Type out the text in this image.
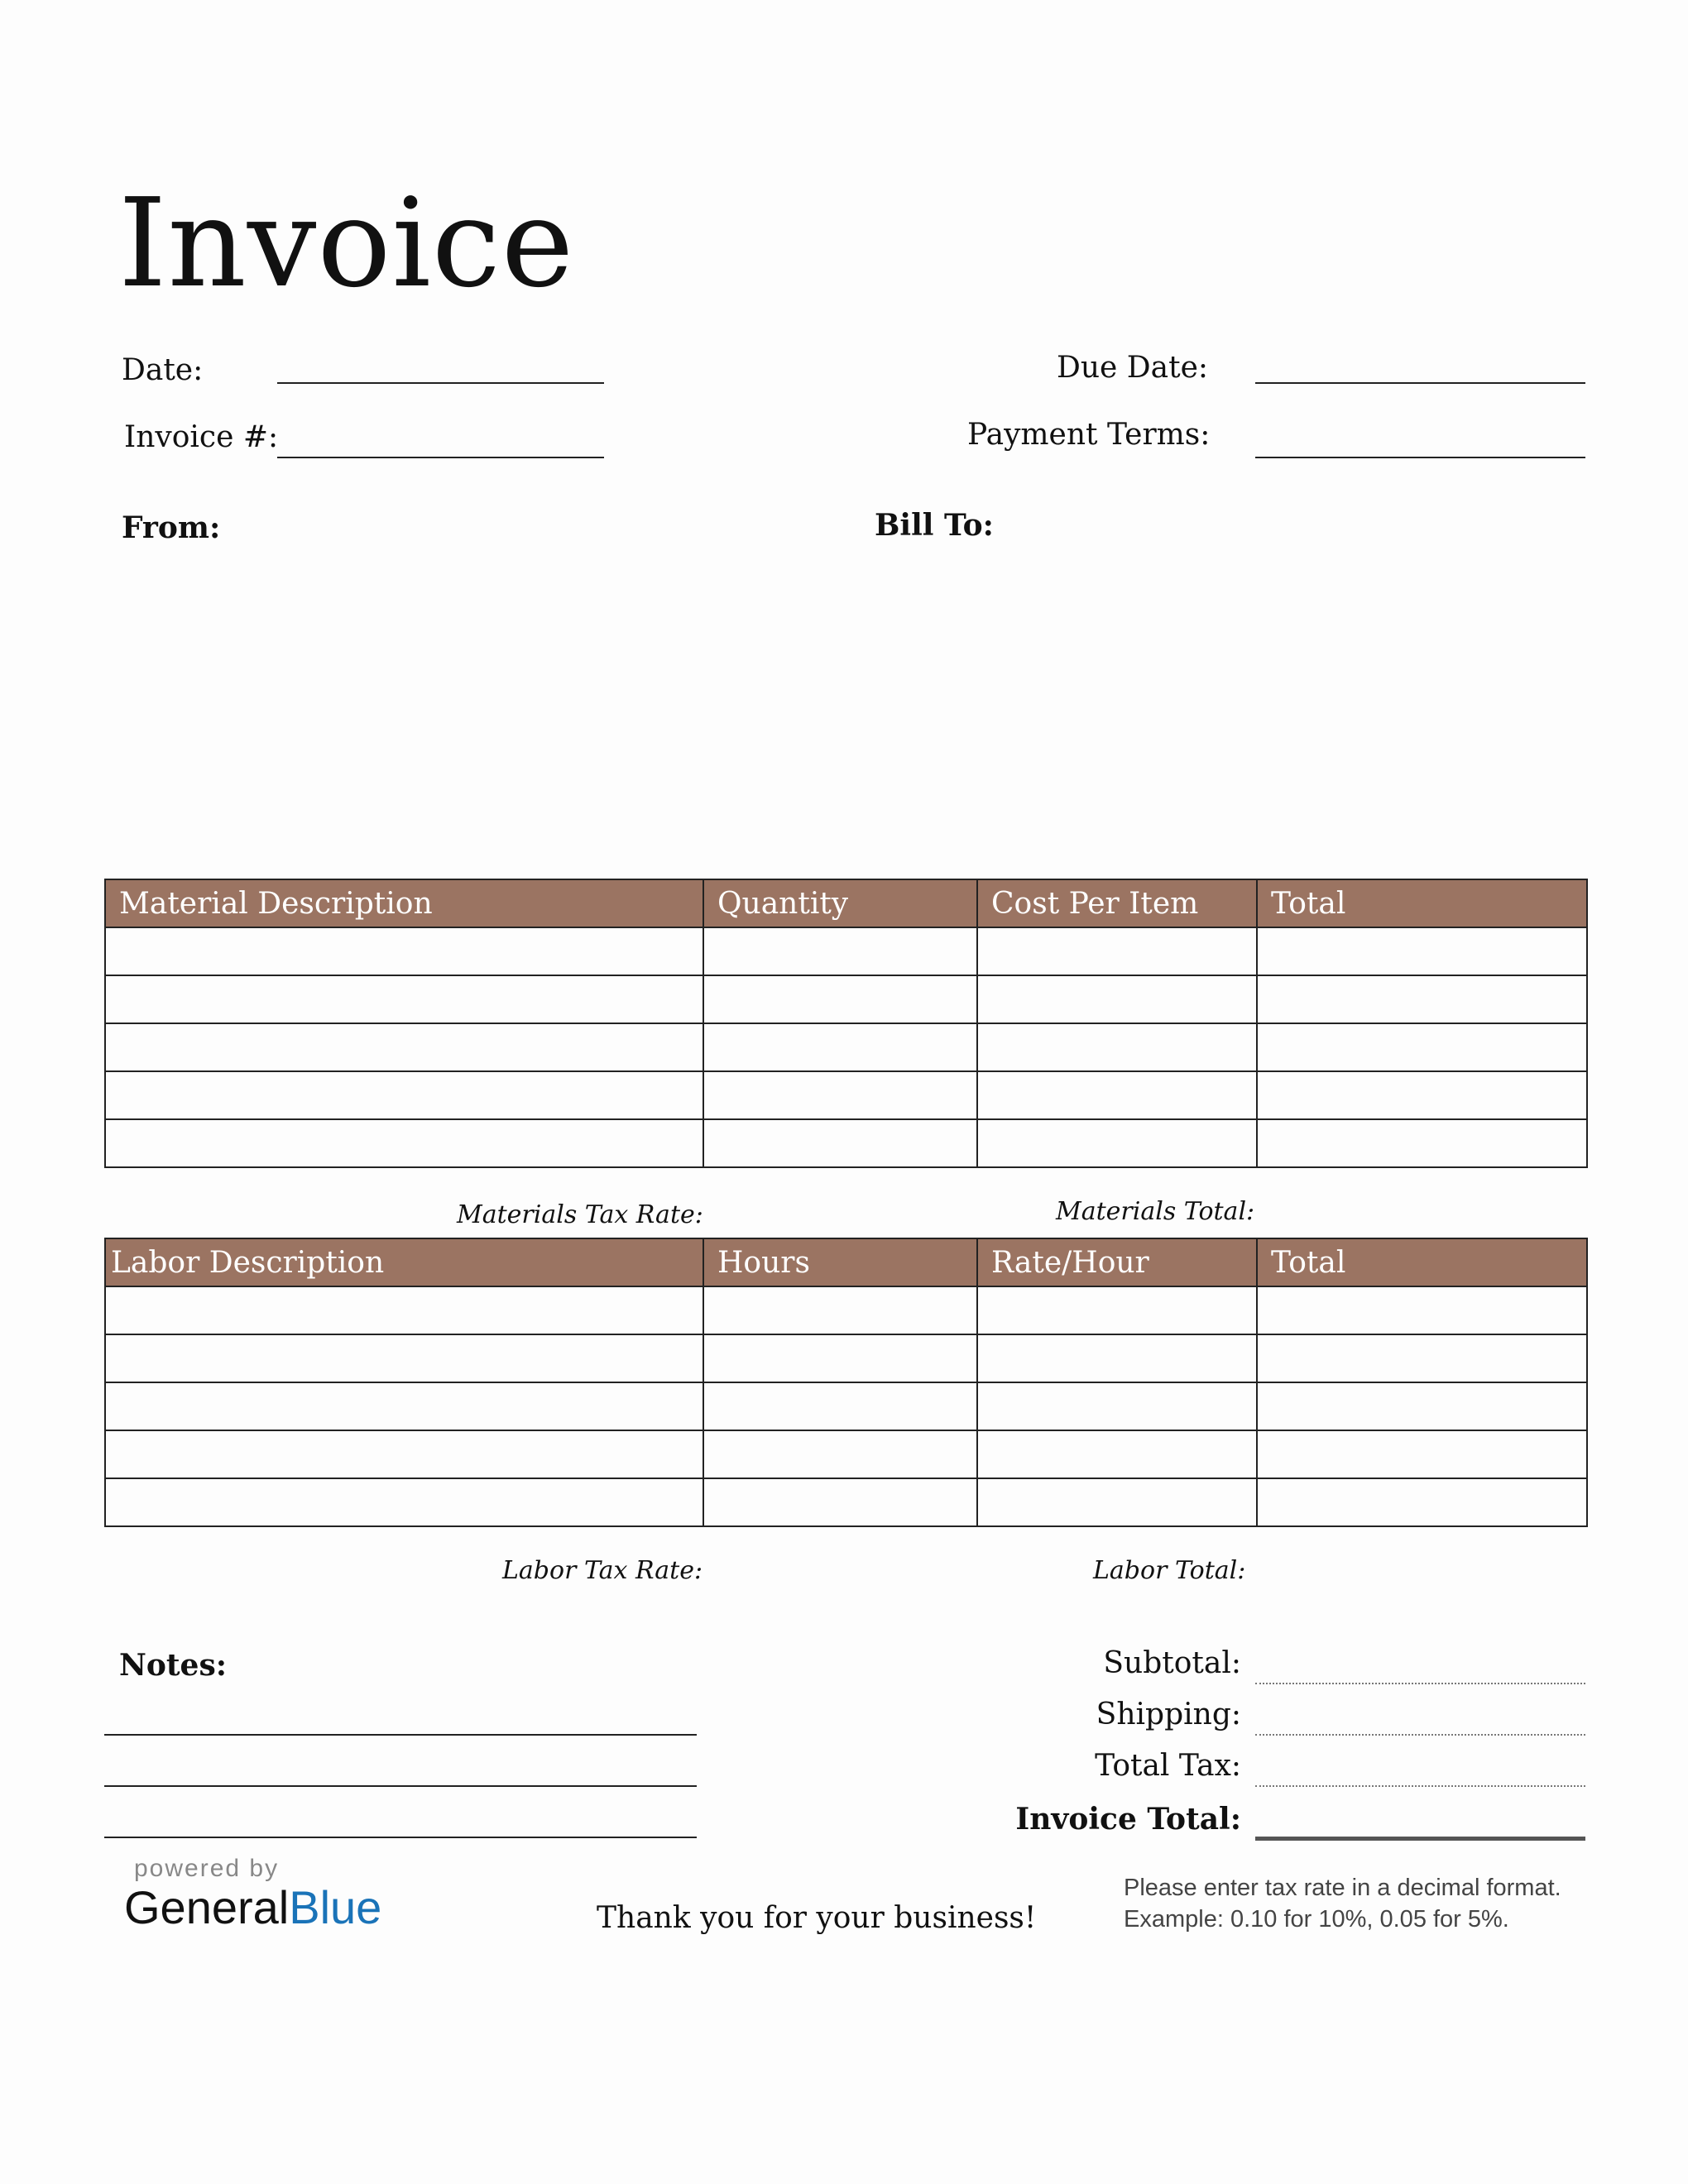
Invoice
Date:
Invoice #:
Due Date:
Payment Terms:
From:	Bill To:
Material Description	Quantity	Cost Per Item	Total

Materials Tax Rate:	Materials Total:
Labor Description	Hours	Rate/Hour	Total

Labor Tax Rate:	Labor Total:
Notes:	Subtotal:
Shipping:
Total Tax:
Invoice Total:
powered by
GeneralBlue	Thank you for your business!
Please enter tax rate in a decimal format.
Example: 0.10 for 10%, 0.05 for 5%.
